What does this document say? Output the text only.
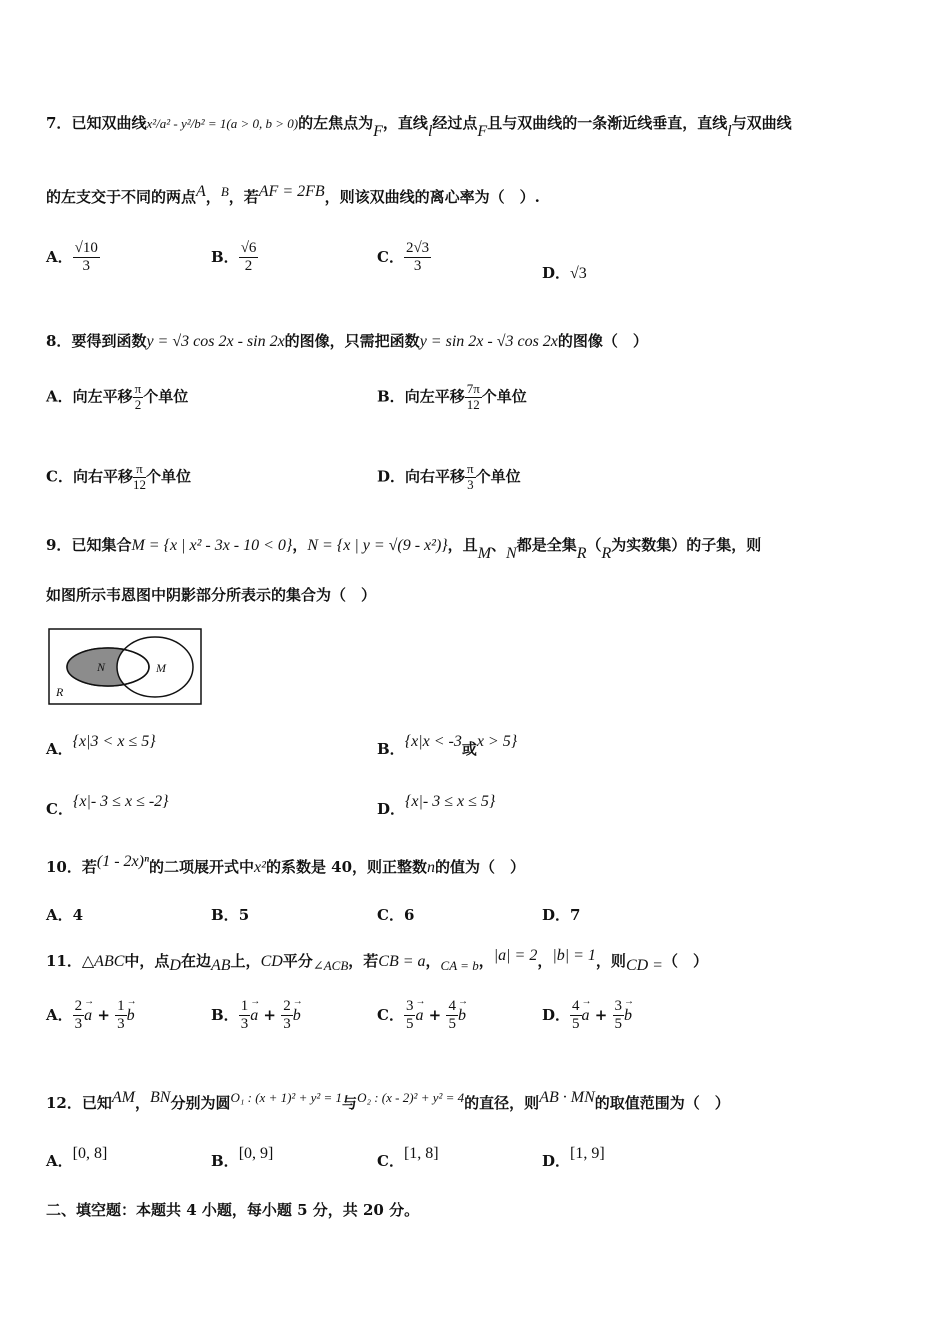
7．已知双曲线x²/a² - y²/b² = 1(a > 0, b > 0)的左焦点为F，直线l经过点F且与双曲线的一条渐近线垂直，直线l与双曲线
的左支交于不同的两点A，B，若AF = 2FB，则该双曲线的离心率为（　）.
A． $\frac{√10}{3}$	B． $\frac{√6}{2}$	C． $\frac{2√3}{3}$	D．√3
8．要得到函数y = √3 cos 2x - sin 2x的图像，只需把函数y = sin 2x - √3 cos 2x的图像（　）
A．向左平移 $\frac{\pi}{2}$ 个单位	B．向左平移 $\frac{7\pi}{12}$ 个单位
C．向右平移 $\frac{\pi}{12}$ 个单位	D．向右平移 $\frac{\pi}{3}$ 个单位
9．已知集合M = {x | x² - 3x - 10 < 0}，N = {x | y = √(9 - x²)}，且M、N都是全集R（R为实数集）的子集，则
如图所示韦恩图中阴影部分所表示的集合为（　）
N	M
R
A．{x|3 < x ≤ 5}	B．{x|x < -3或x > 5}
C．{x|- 3 ≤ x ≤ -2}	D．{x|- 3 ≤ x ≤ 5}
10．若(1 - 2x)ⁿ的二项展开式中x²的系数是 40，则正整数n的值为（　）
A．4	B．5	C．6	D．7
11．△ABC中，点D在边AB上，CD平分∠ACB，若CB = a，CA = b，|a| = 2，|b| = 1，则CD =（　）
A． $\frac{2}{3}$
→ $a + \frac{1}{3}$
→ b	B． $\frac{1}{3}$
→ $a + \frac{2}{3}$
→ b	C． $\frac{3}{5}$
→ $a + \frac{4}{5}$
→ b	D． $\frac{4}{5}$
→ $a + \frac{3}{5}$
→ b
12．已知AM，BN分别为圆O₁ : (x + 1)² + y² = 1与O₂ : (x - 2)² + y² = 4的直径，则AB · MN的取值范围为（　）
A．[0, 8]	B．[0, 9]	C．[1, 8]	D．[1, 9]
二、填空题：本题共 4 小题，每小题 5 分，共 20 分。
